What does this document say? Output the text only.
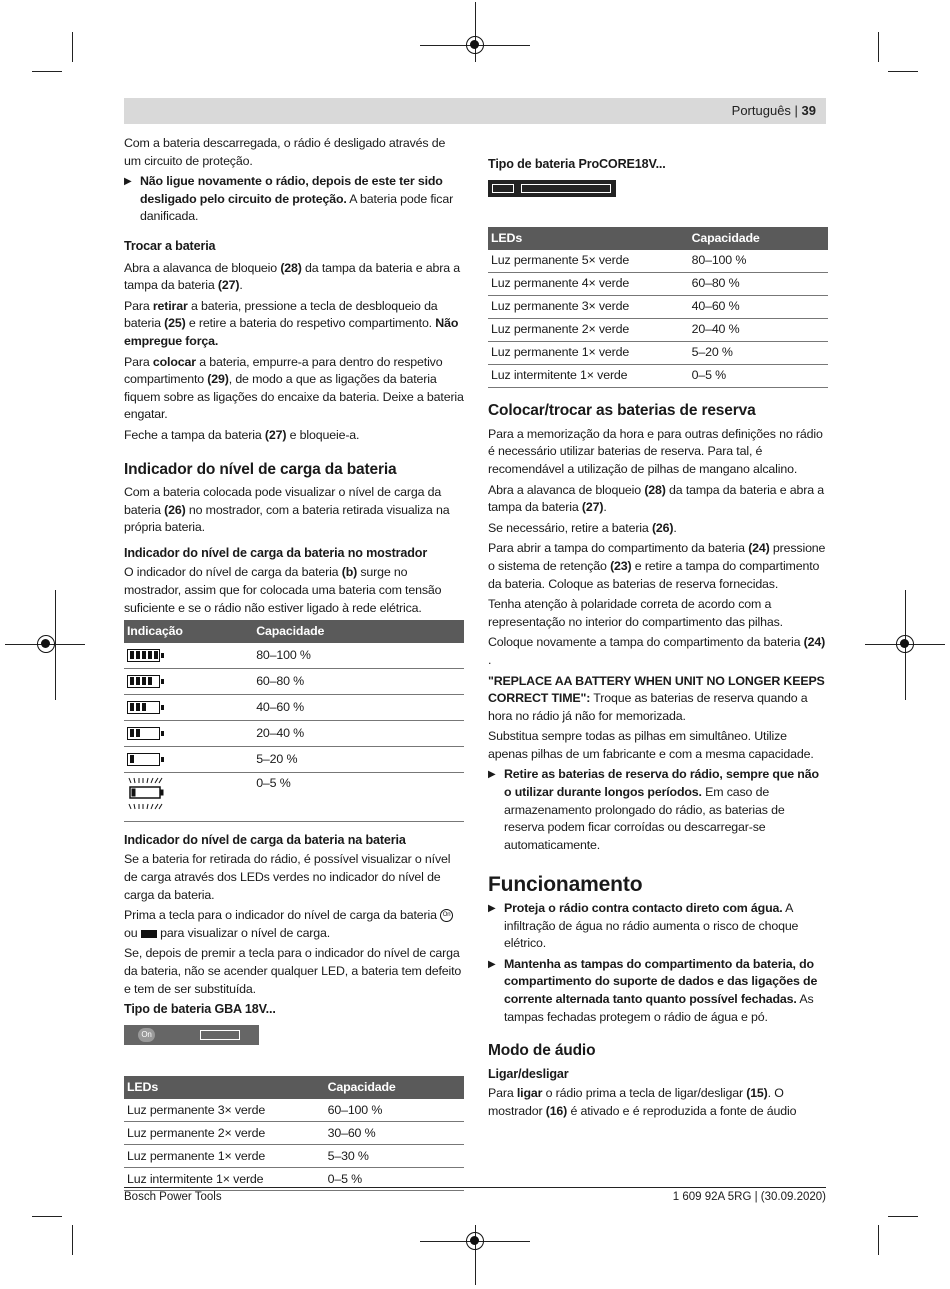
Português | 39

Com a bateria descarregada, o rádio é desligado através de um circuito de proteção.

▶ Não ligue novamente o rádio, depois de este ter sido desligado pelo circuito de proteção. A bateria pode ficar danificada.
Trocar a bateria

Abra a alavanca de bloqueio (28) da tampa da bateria e abra a tampa da bateria (27).

Para retirar a bateria, pressione a tecla de desbloqueio da bateria (25) e retire a bateria do respetivo compartimento. Não empregue força.

Para colocar a bateria, empurre-a para dentro do respetivo compartimento (29), de modo a que as ligações da bateria fiquem sobre as ligações do encaixe da bateria. Deixe a bateria engatar.

Feche a tampa da bateria (27) e bloqueie-a.

Indicador do nível de carga da bateria

Com a bateria colocada pode visualizar o nível de carga da bateria (26) no mostrador, com a bateria retirada visualiza na própria bateria.

Indicador do nível de carga da bateria no mostrador

O indicador do nível de carga da bateria (b) surge no mostrador, assim que for colocada uma bateria com tensão suficiente e se o rádio não estiver ligado à rede elétrica.

Indicação	Capacidade
	80–100 %
	60–80 %
	40–60 %
	20–40 %
	5–20 %
	0–5 %
Indicador do nível de carga da bateria na bateria

Se a bateria for retirada do rádio, é possível visualizar o nível de carga através dos LEDs verdes no indicador do nível de carga da bateria.

Prima a tecla para o indicador do nível de carga da bateria On ou  para visualizar o nível de carga.

Se, depois de premir a tecla para o indicador do nível de carga da bateria, não se acender qualquer LED, a bateria tem defeito e tem de ser substituída.

Tipo de bateria GBA 18V...
On
LEDs	Capacidade
Luz permanente 3× verde	60–100 %
Luz permanente 2× verde	30–60 %
Luz permanente 1× verde	5–30 %
Luz intermitente 1× verde	0–5 %
Tipo de bateria ProCORE18V...

LEDs	Capacidade
Luz permanente 5× verde	80–100 %
Luz permanente 4× verde	60–80 %
Luz permanente 3× verde	40–60 %
Luz permanente 2× verde	20–40 %
Luz permanente 1× verde	5–20 %
Luz intermitente 1× verde	0–5 %
Colocar/trocar as baterias de reserva

Para a memorização da hora e para outras definições no rádio é necessário utilizar baterias de reserva. Para tal, é recomendável a utilização de pilhas de mangano alcalino.

Abra a alavanca de bloqueio (28) da tampa da bateria e abra a tampa da bateria (27).

Se necessário, retire a bateria (26).

Para abrir a tampa do compartimento da bateria (24) pressione o sistema de retenção (23) e retire a tampa do compartimento da bateria. Coloque as baterias de reserva fornecidas.

Tenha atenção à polaridade correta de acordo com a representação no interior do compartimento das pilhas.

Coloque novamente a tampa do compartimento da bateria (24) .

"REPLACE AA BATTERY WHEN UNIT NO LONGER KEEPS CORRECT TIME": Troque as baterias de reserva quando a hora no rádio já não for memorizada.

Substitua sempre todas as pilhas em simultâneo. Utilize apenas pilhas de um fabricante e com a mesma capacidade.

▶ Retire as baterias de reserva do rádio, sempre que não o utilizar durante longos períodos. Em caso de armazenamento prolongado do rádio, as baterias de reserva podem ficar corroídas ou descarregar-se automaticamente.
Funcionamento
▶ Proteja o rádio contra contacto direto com água. A infiltração de água no rádio aumenta o risco de choque elétrico.
▶ Mantenha as tampas do compartimento da bateria, do compartimento do suporte de dados e das ligações de corrente alternada tanto quanto possível fechadas. As tampas fechadas protegem o rádio de água e pó.
Modo de áudio
Ligar/desligar

Para ligar o rádio prima a tecla de ligar/desligar (15). O mostrador (16) é ativado e é reproduzida a fonte de áudio

Bosch Power Tools	1 609 92A 5RG | (30.09.2020)
